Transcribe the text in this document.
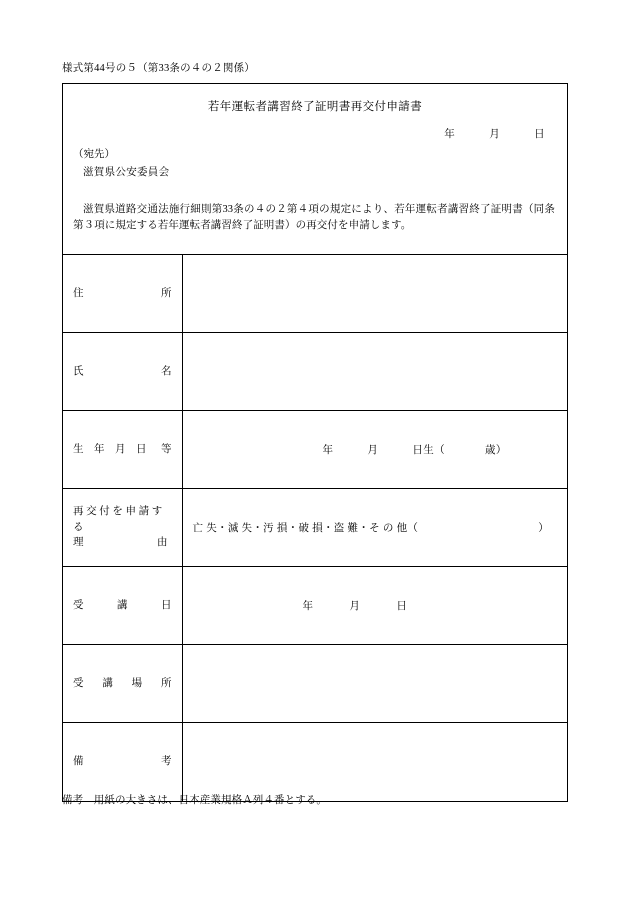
様式第44号の５（第33条の４の２関係）
若年運転者講習終了証明書再交付申請書
年	月	日
（宛先）
滋賀県公安委員会
滋賀県道路交通法施行細則第33条の４の２第４項の規定により、若年運転者講習終了証明書（同条第３項に規定する若年運転者講習終了証明書）の再交付を申請します。
住 所	

氏 名	

生　年　月　日 等	年 月 日生（ 歳）

再 交 付 を 申 請 す る
理　　　　　　　由	亡 失・滅 失・汚 損・破 損・盗 難・そ の 他（ ）

受 講 日	年 月 日

受 講 場 所	

備 考	

備考　用紙の大きさは、日本産業規格Ａ列４番とする。
